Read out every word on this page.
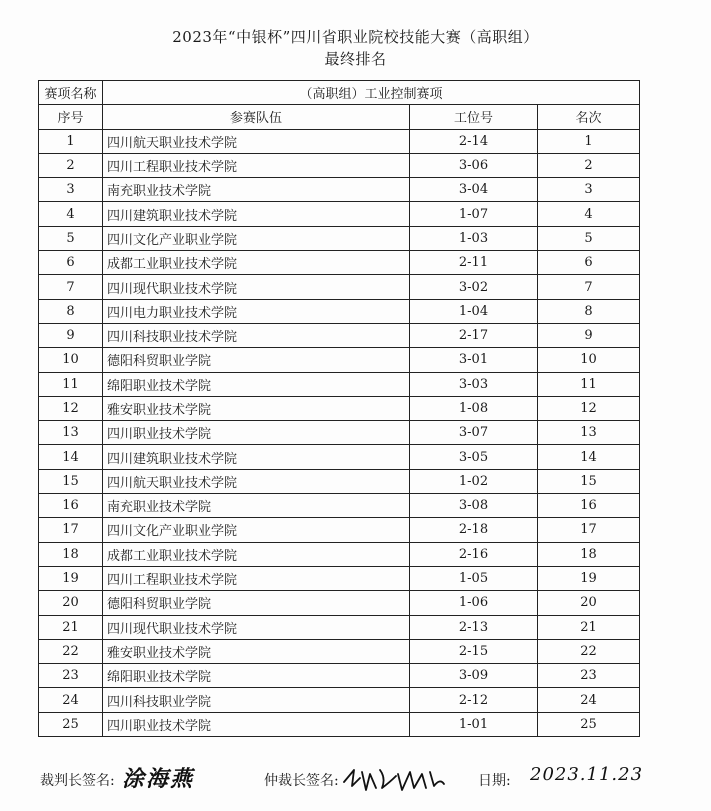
2023年“中银杯”四川省职业院校技能大赛（高职组）
最终排名
赛项名称	（高职组）工业控制赛项		
序号	参赛队伍	工位号	名次
1	四川航天职业技术学院	2-14	1
2	四川工程职业技术学院	3-06	2
3	南充职业技术学院	3-04	3
4	四川建筑职业技术学院	1-07	4
5	四川文化产业职业学院	1-03	5
6	成都工业职业技术学院	2-11	6
7	四川现代职业技术学院	3-02	7
8	四川电力职业技术学院	1-04	8
9	四川科技职业技术学院	2-17	9
10	德阳科贸职业学院	3-01	10
11	绵阳职业技术学院	3-03	11
12	雅安职业技术学院	1-08	12
13	四川职业技术学院	3-07	13
14	四川建筑职业技术学院	3-05	14
15	四川航天职业技术学院	1-02	15
16	南充职业技术学院	3-08	16
17	四川文化产业职业学院	2-18	17
18	成都工业职业技术学院	2-16	18
19	四川工程职业技术学院	1-05	19
20	德阳科贸职业学院	1-06	20
21	四川现代职业技术学院	2-13	21
22	雅安职业技术学院	2-15	22
23	绵阳职业技术学院	3-09	23
24	四川科技职业学院	2-12	24
25	四川职业技术学院	1-01	25
裁判长签名: 涂海燕	仲裁长签名:	日期: 2023.11.23
